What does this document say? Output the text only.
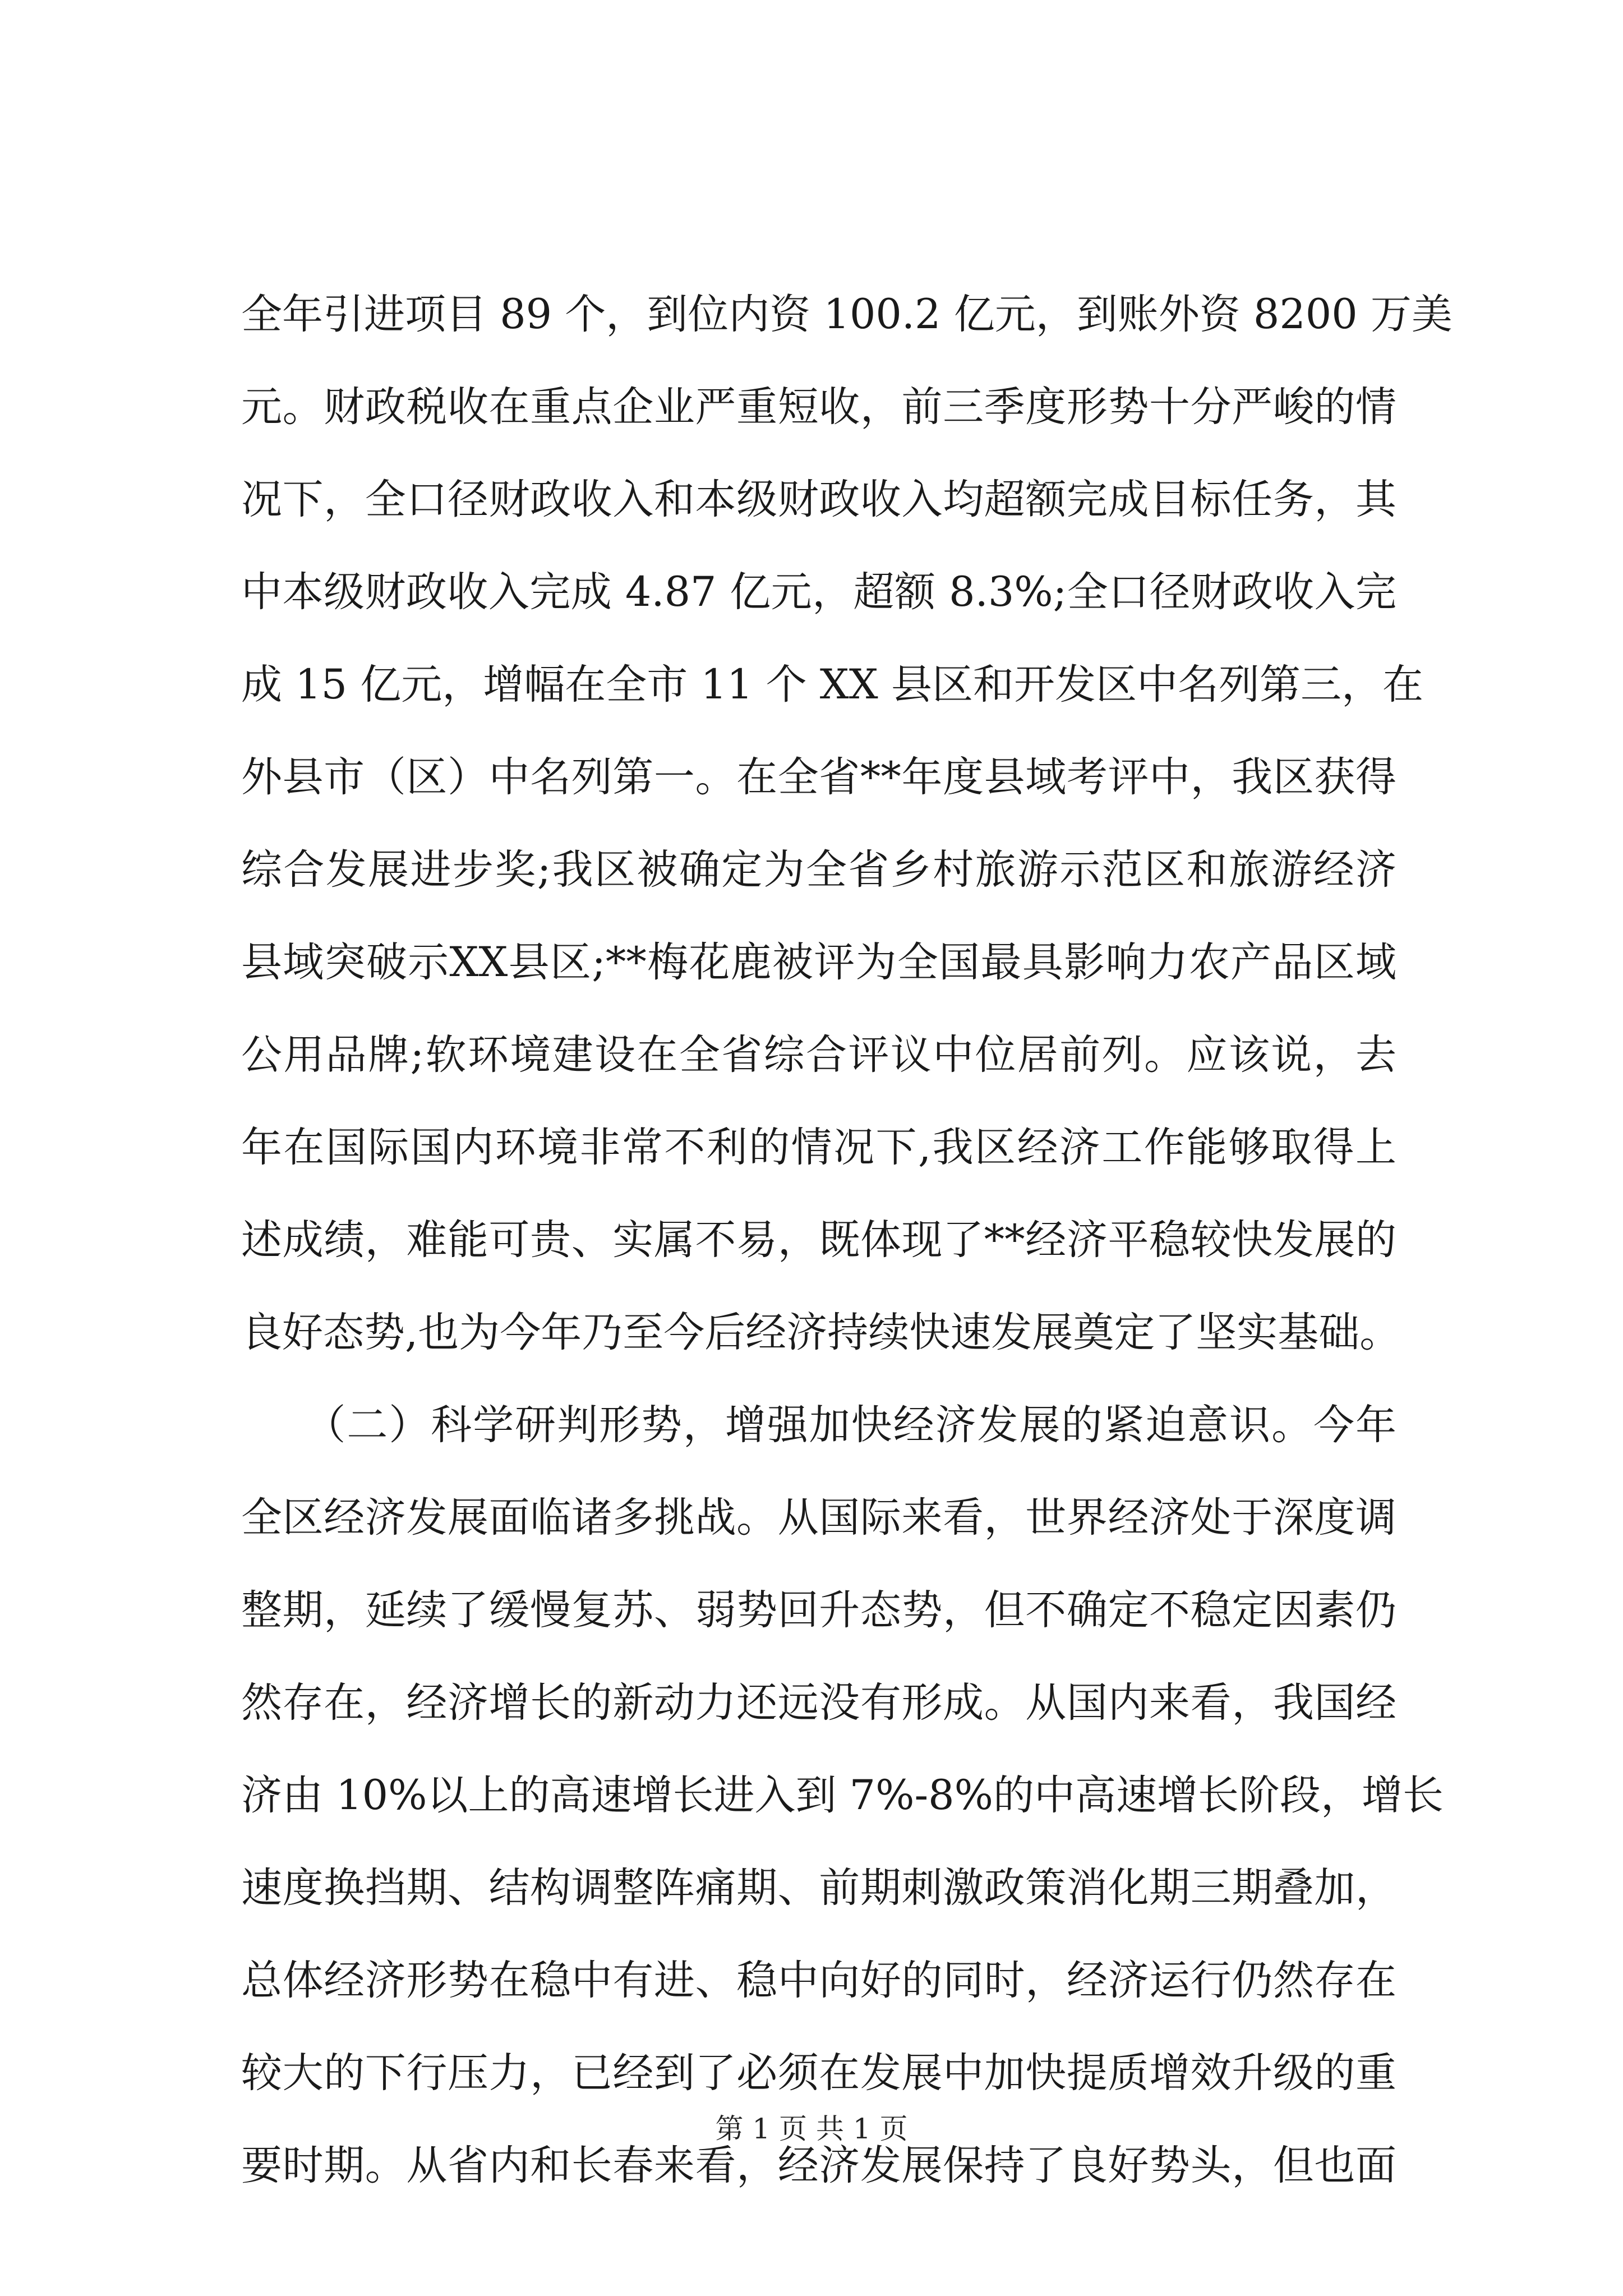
全年引进项目 89 个，到位内资 100.2 亿元，到账外资 8200 万美
元。财政税收在重点企业严重短收，前三季度形势十分严峻的情
况下，全口径财政收入和本级财政收入均超额完成目标任务，其
中本级财政收入完成 4.87 亿元，超额 8.3%;全口径财政收入完
成 15 亿元，增幅在全市 11 个 XX 县区和开发区中名列第三，在
外县市（区）中名列第一。在全省**年度县域考评中，我区获得
综合发展进步奖;我区被确定为全省乡村旅游示范区和旅游经济
县域突破示XX县区;**梅花鹿被评为全国最具影响力农产品区域
公用品牌;软环境建设在全省综合评议中位居前列。应该说，去
年在国际国内环境非常不利的情况下,我区经济工作能够取得上
述成绩，难能可贵、实属不易，既体现了**经济平稳较快发展的
良好态势,也为今年乃至今后经济持续快速发展奠定了坚实基础。
　　（二）科学研判形势，增强加快经济发展的紧迫意识。今年
全区经济发展面临诸多挑战。从国际来看，世界经济处于深度调
整期，延续了缓慢复苏、弱势回升态势，但不确定不稳定因素仍
然存在，经济增长的新动力还远没有形成。从国内来看，我国经
济由 10%以上的高速增长进入到 7%-8%的中高速增长阶段，增长
速度换挡期、结构调整阵痛期、前期刺激政策消化期三期叠加，
总体经济形势在稳中有进、稳中向好的同时，经济运行仍然存在
较大的下行压力，已经到了必须在发展中加快提质增效升级的重
要时期。从省内和长春来看，经济发展保持了良好势头，但也面
第 1 页 共 1 页
